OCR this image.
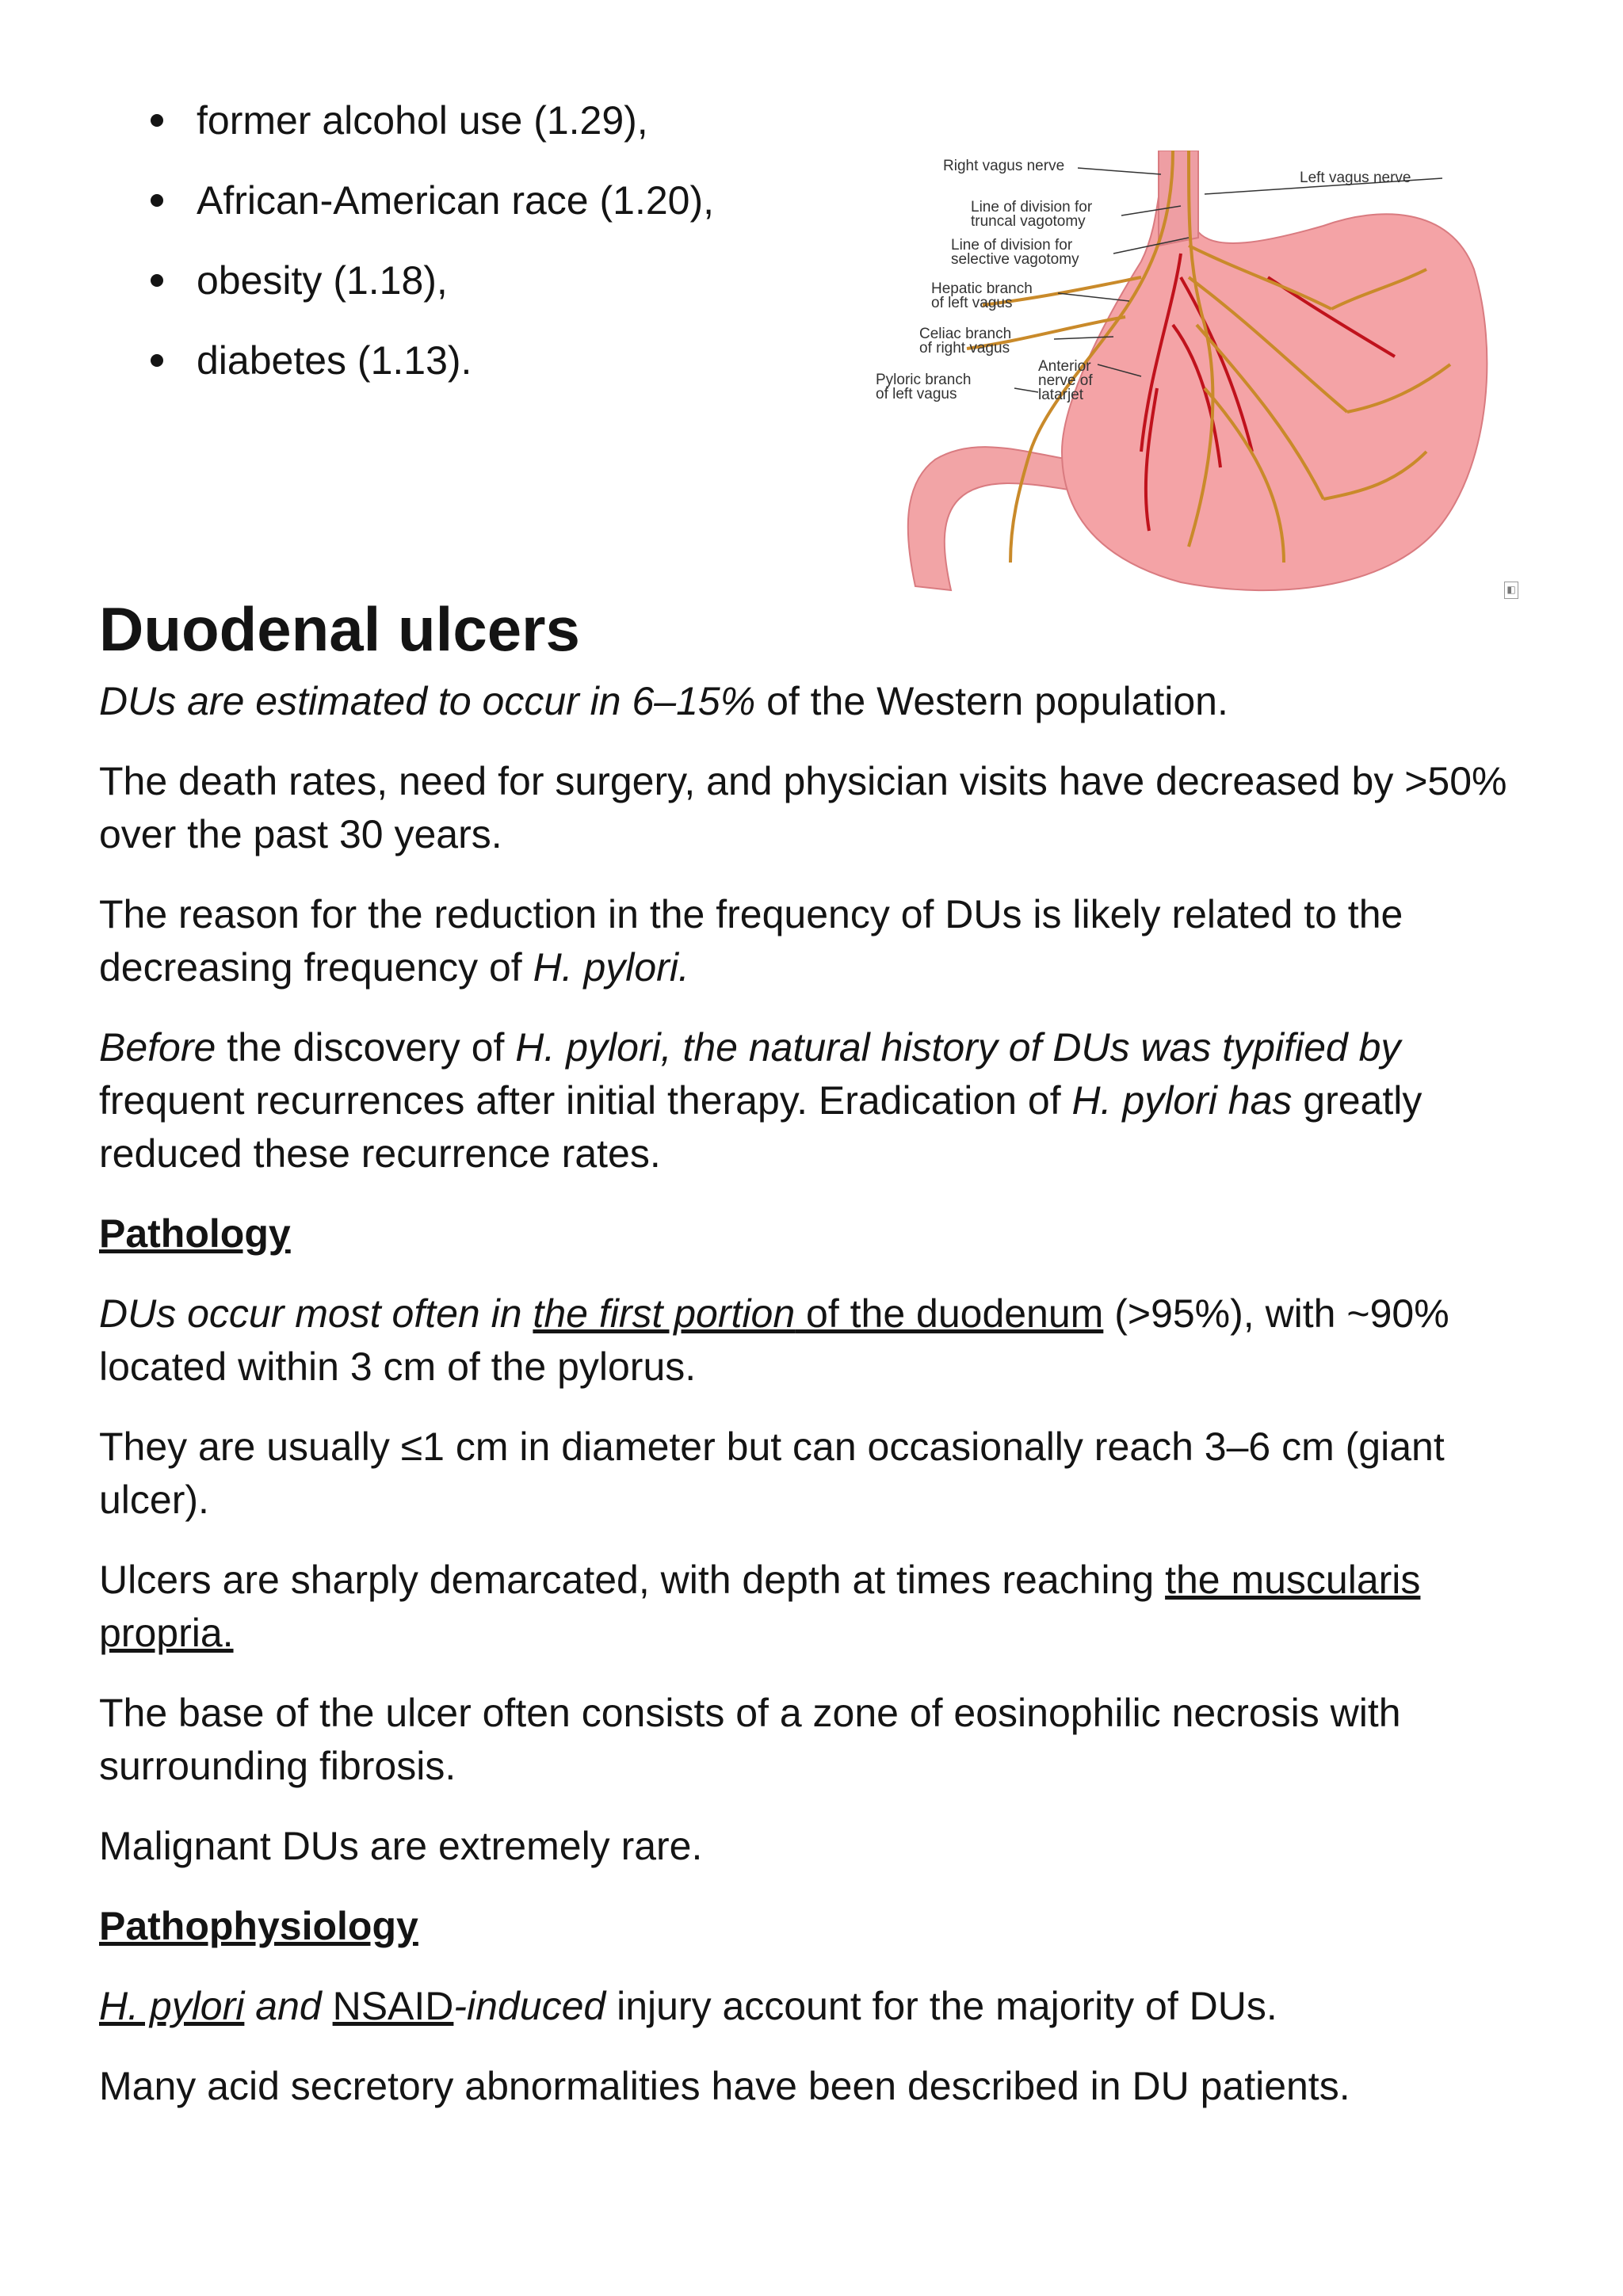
former alcohol use (1.29),
African-American race (1.20),
obesity (1.18),
diabetes (1.13).
Right vagus nerve
Left vagus nerve
Line of division for
truncal vagotomy
Line of division for
selective vagotomy
Hepatic branch
of left vagus
Celiac branch
of right vagus
Pyloric branch
of left vagus
Anterior
nerve of
latarjet
◧
Duodenal ulcers

DUs are estimated to occur in 6–15% of the Western population.

The death rates, need for surgery, and physician visits have decreased by >50% over the past 30 years.

The reason for the reduction in the frequency of DUs is likely related to the decreasing frequency of H. pylori.

Before the discovery of H. pylori, the natural history of DUs was typified by frequent recurrences after initial therapy. Eradication of H. pylori has greatly reduced these recurrence rates.

Pathology

DUs occur most often in the first portion of the duodenum (>95%), with ~90% located within 3 cm of the pylorus.

They are usually ≤1 cm in diameter but can occasionally reach 3–6 cm (giant ulcer).

Ulcers are sharply demarcated, with depth at times reaching the muscularis propria.

The base of the ulcer often consists of a zone of eosinophilic necrosis with surrounding fibrosis.

Malignant DUs are extremely rare.

Pathophysiology

H. pylori and NSAID-induced injury account for the majority of DUs.

Many acid secretory abnormalities have been described in DU patients.
